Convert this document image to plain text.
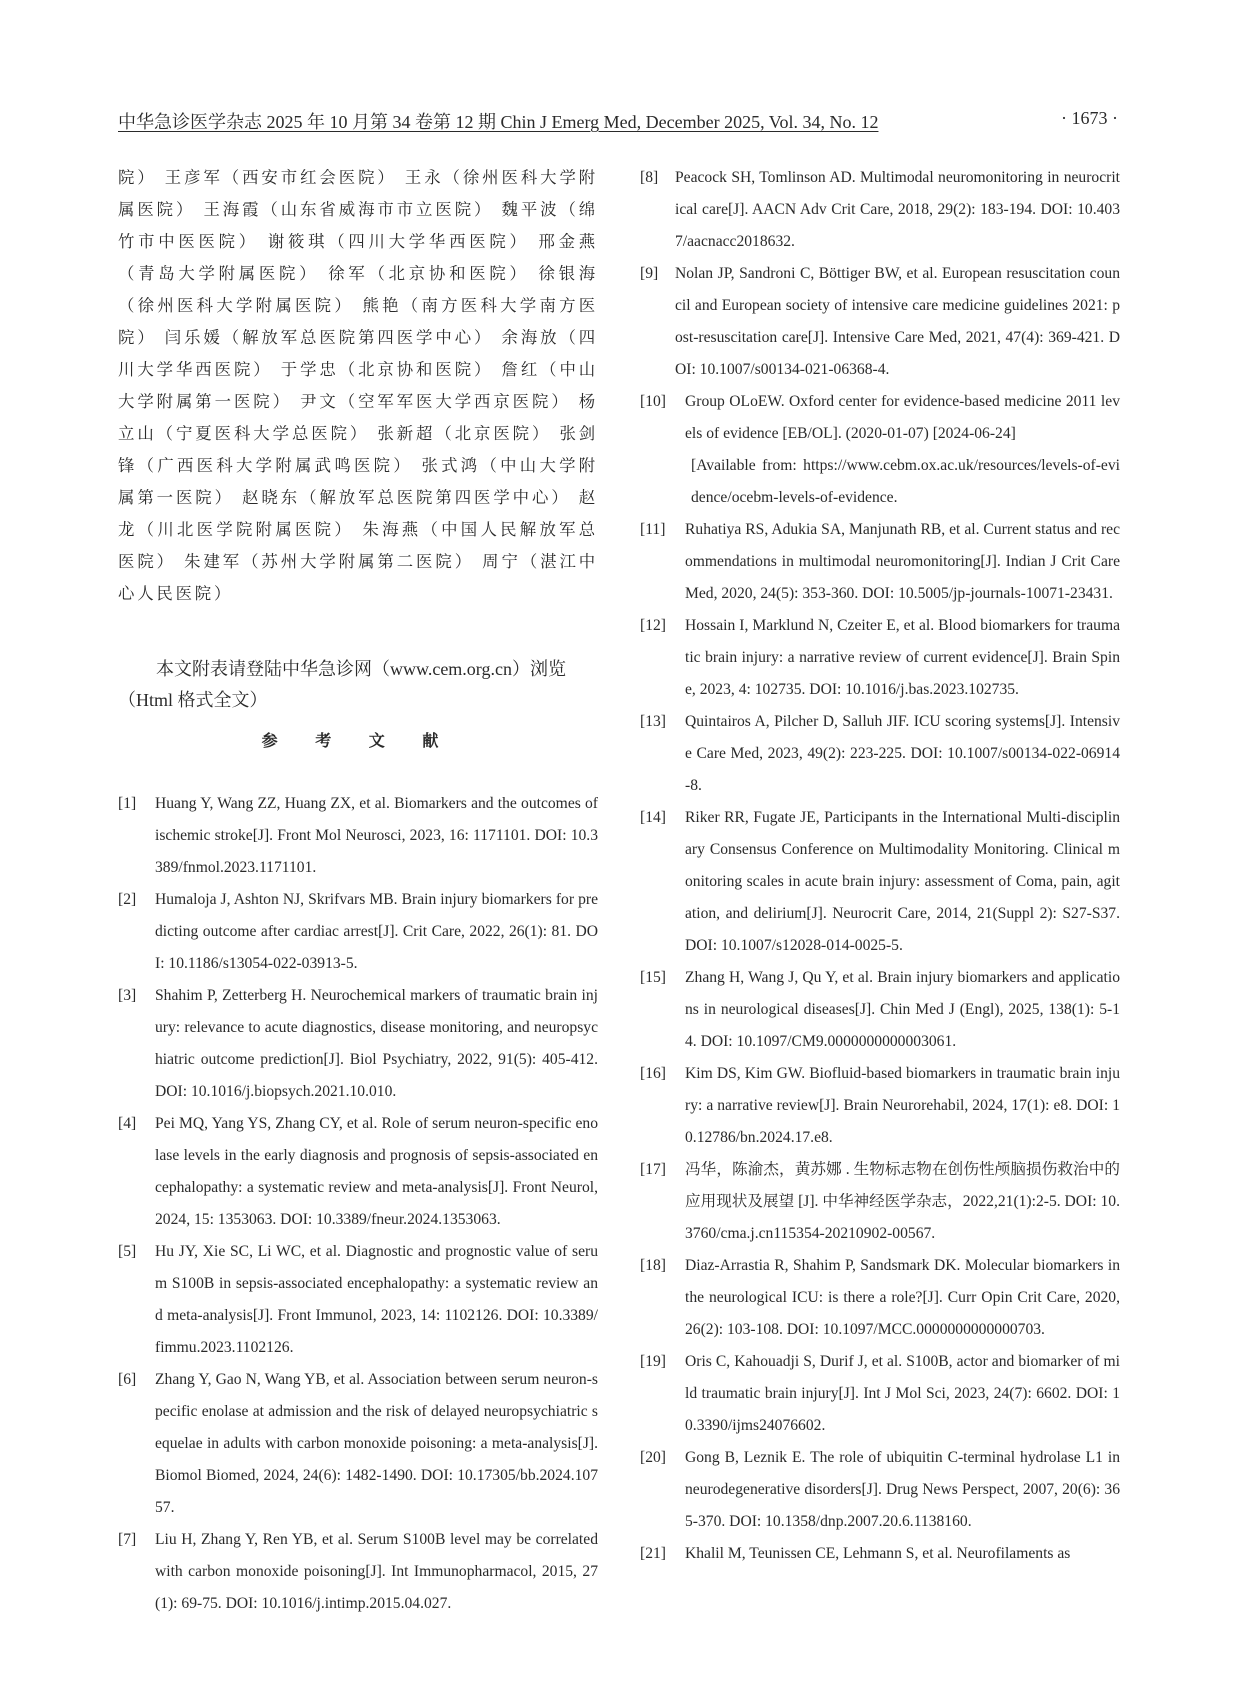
中华急诊医学杂志 2025 年 10 月第 34 卷第 12 期 Chin J Emerg Med, December 2025, Vol. 34, No. 12	· 1673 ·

院） 王彦军（西安市红会医院） 王永（徐州医科大学附属医院） 王海霞（山东省威海市市立医院） 魏平波（绵竹市中医医院） 谢筱琪（四川大学华西医院） 邢金燕（青岛大学附属医院） 徐军（北京协和医院） 徐银海（徐州医科大学附属医院） 熊艳（南方医科大学南方医院） 闫乐媛（解放军总医院第四医学中心） 余海放（四川大学华西医院） 于学忠（北京协和医院） 詹红（中山大学附属第一医院） 尹文（空军军医大学西京医院） 杨立山（宁夏医科大学总医院） 张新超（北京医院） 张剑锋（广西医科大学附属武鸣医院） 张式鸿（中山大学附属第一医院） 赵晓东（解放军总医院第四医学中心） 赵龙（川北医学院附属医院） 朱海燕（中国人民解放军总医院） 朱建军（苏州大学附属第二医院） 周宁（湛江中心人民医院）

本文附表请登陆中华急诊网（www.cem.org.cn）浏览（Html 格式全文）

参 考 文 献
[1]	Huang Y, Wang ZZ, Huang ZX, et al. Biomarkers and the outcomes of ischemic stroke[J]. Front Mol Neurosci, 2023, 16: 1171101. DOI: 10.3389/fnmol.2023.1171101.
[2]	Humaloja J, Ashton NJ, Skrifvars MB. Brain injury biomarkers for predicting outcome after cardiac arrest[J]. Crit Care, 2022, 26(1): 81. DOI: 10.1186/s13054-022-03913-5.
[3]	Shahim P, Zetterberg H. Neurochemical markers of traumatic brain injury: relevance to acute diagnostics, disease monitoring, and neuropsychiatric outcome prediction[J]. Biol Psychiatry, 2022, 91(5): 405-412. DOI: 10.1016/j.biopsych.2021.10.010.
[4]	Pei MQ, Yang YS, Zhang CY, et al. Role of serum neuron-specific enolase levels in the early diagnosis and prognosis of sepsis-associated encephalopathy: a systematic review and meta-analysis[J]. Front Neurol, 2024, 15: 1353063. DOI: 10.3389/fneur.2024.1353063.
[5]	Hu JY, Xie SC, Li WC, et al. Diagnostic and prognostic value of serum S100B in sepsis-associated encephalopathy: a systematic review and meta-analysis[J]. Front Immunol, 2023, 14: 1102126. DOI: 10.3389/fimmu.2023.1102126.
[6]	Zhang Y, Gao N, Wang YB, et al. Association between serum neuron-specific enolase at admission and the risk of delayed neuropsychiatric sequelae in adults with carbon monoxide poisoning: a meta-analysis[J]. Biomol Biomed, 2024, 24(6): 1482-1490. DOI: 10.17305/bb.2024.10757.
[7]	Liu H, Zhang Y, Ren YB, et al. Serum S100B level may be correlated with carbon monoxide poisoning[J]. Int Immunopharmacol, 2015, 27(1): 69-75. DOI: 10.1016/j.intimp.2015.04.027.
[8]	Peacock SH, Tomlinson AD. Multimodal neuromonitoring in neurocritical care[J]. AACN Adv Crit Care, 2018, 29(2): 183-194. DOI: 10.4037/aacnacc2018632.
[9]	Nolan JP, Sandroni C, Böttiger BW, et al. European resuscitation council and European society of intensive care medicine guidelines 2021: post-resuscitation care[J]. Intensive Care Med, 2021, 47(4): 369-421. DOI: 10.1007/s00134-021-06368-4.
[10]	Group OLoEW. Oxford center for evidence-based medicine 2011 levels of evidence [EB/OL]. (2020-01-07) [2024-06-24]
[Available from: https://www.cebm.ox.ac.uk/resources/levels-of-evidence/ocebm-levels-of-evidence.
[11]	Ruhatiya RS, Adukia SA, Manjunath RB, et al. Current status and recommendations in multimodal neuromonitoring[J]. Indian J Crit Care Med, 2020, 24(5): 353-360. DOI: 10.5005/jp-journals-10071-23431.
[12]	Hossain I, Marklund N, Czeiter E, et al. Blood biomarkers for traumatic brain injury: a narrative review of current evidence[J]. Brain Spine, 2023, 4: 102735. DOI: 10.1016/j.bas.2023.102735.
[13]	Quintairos A, Pilcher D, Salluh JIF. ICU scoring systems[J]. Intensive Care Med, 2023, 49(2): 223-225. DOI: 10.1007/s00134-022-06914-8.
[14]	Riker RR, Fugate JE, Participants in the International Multi-disciplinary Consensus Conference on Multimodality Monitoring. Clinical monitoring scales in acute brain injury: assessment of Coma, pain, agitation, and delirium[J]. Neurocrit Care, 2014, 21(Suppl 2): S27-S37. DOI: 10.1007/s12028-014-0025-5.
[15]	Zhang H, Wang J, Qu Y, et al. Brain injury biomarkers and applications in neurological diseases[J]. Chin Med J (Engl), 2025, 138(1): 5-14. DOI: 10.1097/CM9.0000000000003061.
[16]	Kim DS, Kim GW. Biofluid-based biomarkers in traumatic brain injury: a narrative review[J]. Brain Neurorehabil, 2024, 17(1): e8. DOI: 10.12786/bn.2024.17.e8.
[17]	冯华，陈渝杰，黄苏娜 . 生物标志物在创伤性颅脑损伤救治中的应用现状及展望 [J]. 中华神经医学杂志，2022,21(1):2-5. DOI: 10.3760/cma.j.cn115354-20210902-00567.
[18]	Diaz-Arrastia R, Shahim P, Sandsmark DK. Molecular biomarkers in the neurological ICU: is there a role?[J]. Curr Opin Crit Care, 2020, 26(2): 103-108. DOI: 10.1097/MCC.0000000000000703.
[19]	Oris C, Kahouadji S, Durif J, et al. S100B, actor and biomarker of mild traumatic brain injury[J]. Int J Mol Sci, 2023, 24(7): 6602. DOI: 10.3390/ijms24076602.
[20]	Gong B, Leznik E. The role of ubiquitin C-terminal hydrolase L1 in neurodegenerative disorders[J]. Drug News Perspect, 2007, 20(6): 365-370. DOI: 10.1358/dnp.2007.20.6.1138160.
[21]	Khalil M, Teunissen CE, Lehmann S, et al. Neurofilaments as
